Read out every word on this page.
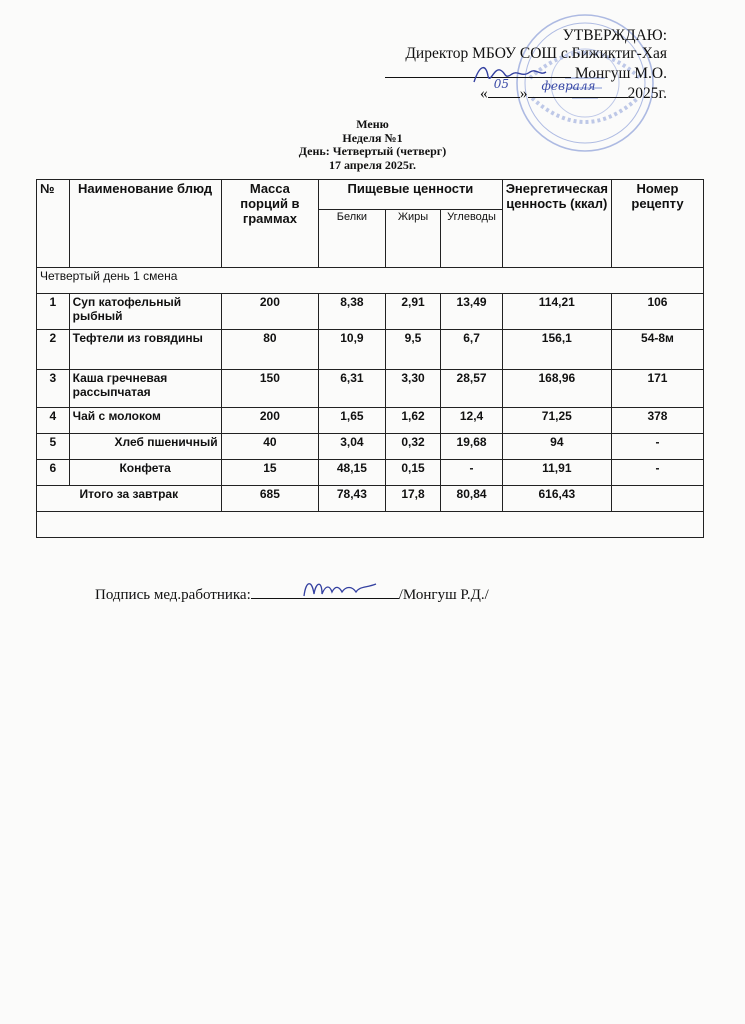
УТВЕРЖДАЮ:
Директор МБОУ СОШ с.Бижиктиг-Хая
Монгуш М.О.
«
05
» февраля 2025г.
Меню
Неделя №1
День: Четвертый (четверг)
17 апреля 2025г.
№	Наименование блюд	Масса порций в граммах	Пищевые ценности			Энергетическая ценность (ккал)	Номер рецепту
			Белки	Жиры	Углеводы		
Четвертый день 1 смена							
1	Суп катофельный рыбный	200	8,38	2,91	13,49	114,21	106
2	Тефтели из говядины	80	10,9	9,5	6,7	156,1	54-8м
3	Каша гречневая рассыпчатая	150	6,31	3,30	28,57	168,96	171
4	Чай с молоком	200	1,65	1,62	12,4	71,25	378
5	Хлеб пшеничный	40	3,04	0,32	19,68	94	-
6	Конфета	15	48,15	0,15	-	11,91	-
Итого за завтрак		685	78,43	17,8	80,84	616,43	

Подпись мед.работника:	/Монгуш Р.Д./
